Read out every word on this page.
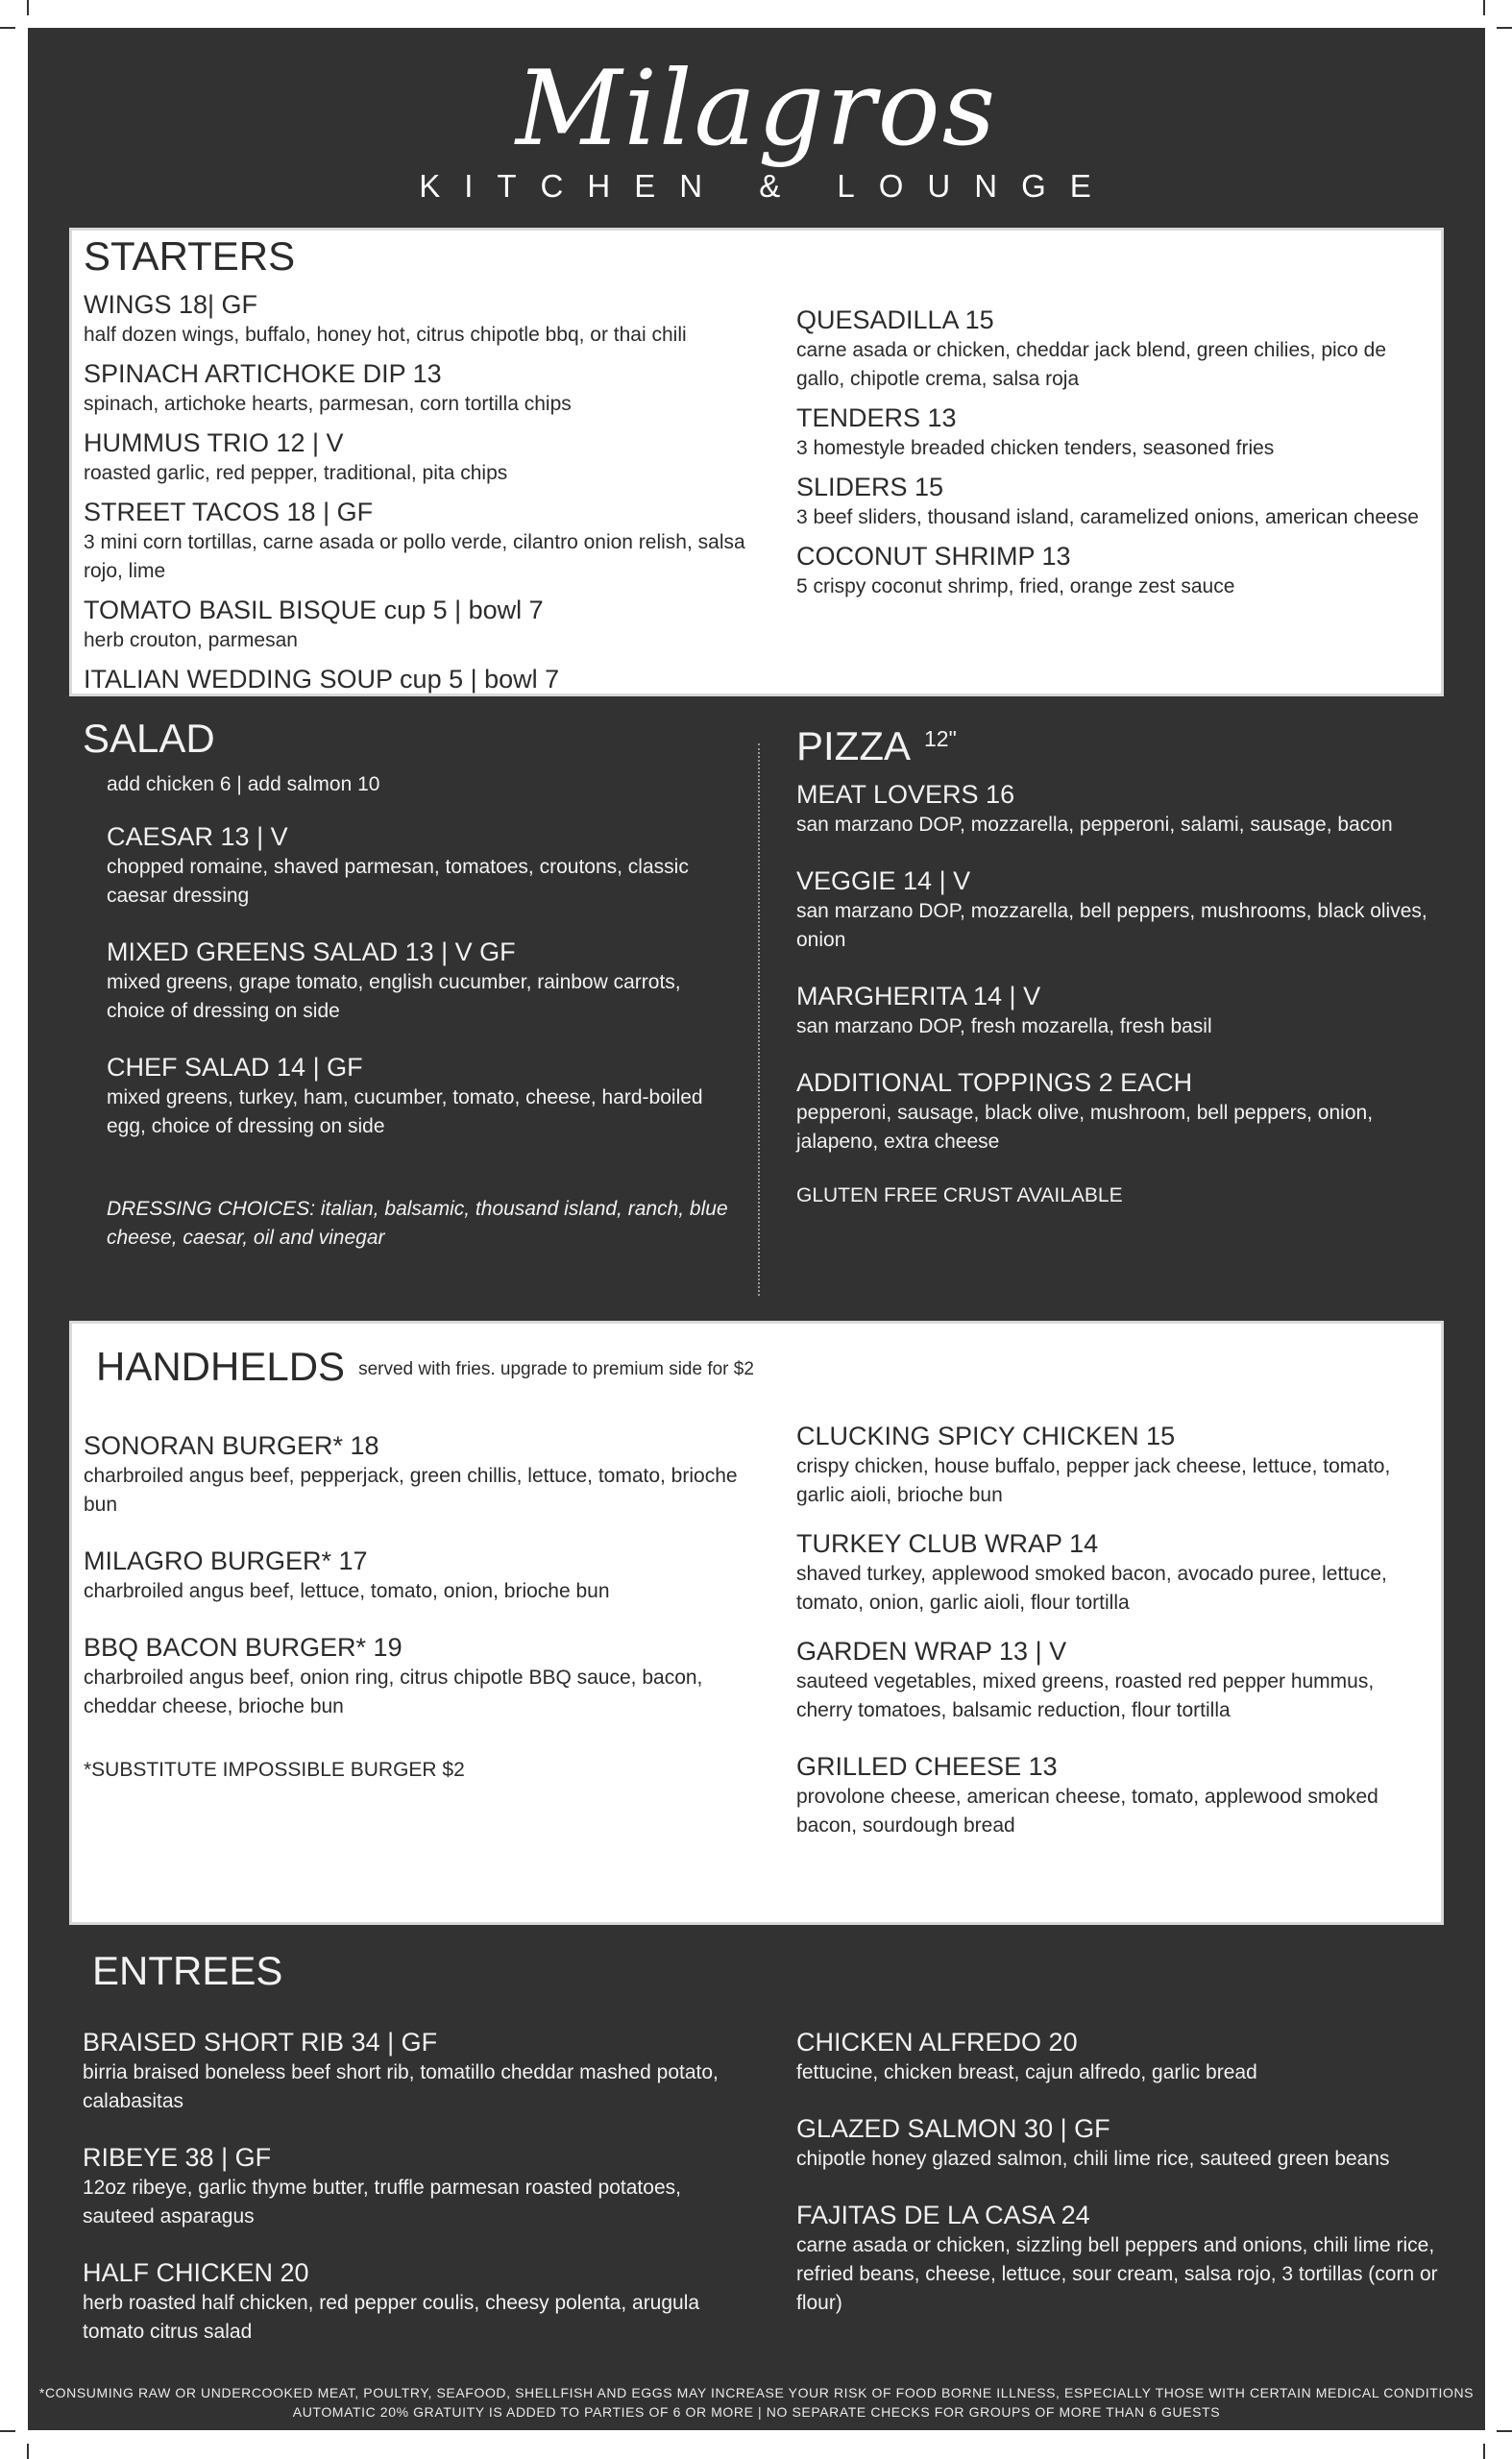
Milagros
KITCHEN & LOUNGE
STARTERS
WINGS 18| GF
half dozen wings, buffalo, honey hot, citrus chipotle bbq, or thai chili
SPINACH ARTICHOKE DIP 13
spinach, artichoke hearts, parmesan, corn tortilla chips
HUMMUS TRIO 12 | V
roasted garlic, red pepper, traditional, pita chips
STREET TACOS 18 | GF
3 mini corn tortillas, carne asada or pollo verde, cilantro onion relish, salsa rojo, lime
TOMATO BASIL BISQUE cup 5 | bowl 7
herb crouton, parmesan
ITALIAN WEDDING SOUP cup 5 | bowl 7
QUESADILLA 15
carne asada or chicken, cheddar jack blend, green chilies, pico de gallo, chipotle crema, salsa roja
TENDERS 13
3 homestyle breaded chicken tenders, seasoned fries
SLIDERS 15
3 beef sliders, thousand island, caramelized onions, american cheese
COCONUT SHRIMP 13
5 crispy coconut shrimp, fried, orange zest sauce
SALAD
add chicken 6 | add salmon 10
CAESAR 13 | V
chopped romaine, shaved parmesan, tomatoes, croutons, classic caesar dressing
MIXED GREENS SALAD 13 | V GF
mixed greens, grape tomato, english cucumber, rainbow carrots, choice of dressing on side
CHEF SALAD 14 | GF
mixed greens, turkey, ham, cucumber, tomato, cheese, hard-boiled egg, choice of dressing on side
DRESSING CHOICES: italian, balsamic, thousand island, ranch, blue cheese, caesar, oil and vinegar
PIZZA $^{12"}$
MEAT LOVERS 16
san marzano DOP, mozzarella, pepperoni, salami, sausage, bacon
VEGGIE 14 | V
san marzano DOP, mozzarella, bell peppers, mushrooms, black olives, onion
MARGHERITA 14 | V
san marzano DOP, fresh mozarella, fresh basil
ADDITIONAL TOPPINGS 2 EACH
pepperoni, sausage, black olive, mushroom, bell peppers, onion, jalapeno, extra cheese
GLUTEN FREE CRUST AVAILABLE
HANDHELDS served with fries. upgrade to premium side for $2
SONORAN BURGER* 18
charbroiled angus beef, pepperjack, green chillis, lettuce, tomato, brioche bun
MILAGRO BURGER* 17
charbroiled angus beef, lettuce, tomato, onion, brioche bun
BBQ BACON BURGER* 19
charbroiled angus beef, onion ring, citrus chipotle BBQ sauce, bacon, cheddar cheese, brioche bun
*SUBSTITUTE IMPOSSIBLE BURGER $2
CLUCKING SPICY CHICKEN 15
crispy chicken, house buffalo, pepper jack cheese, lettuce, tomato, garlic aioli, brioche bun
TURKEY CLUB WRAP 14
shaved turkey, applewood smoked bacon, avocado puree, lettuce, tomato, onion, garlic aioli, flour tortilla
GARDEN WRAP 13 | V
sauteed vegetables, mixed greens, roasted red pepper hummus, cherry tomatoes, balsamic reduction, flour tortilla
GRILLED CHEESE 13
provolone cheese, american cheese, tomato, applewood smoked bacon, sourdough bread
ENTREES
BRAISED SHORT RIB 34 | GF
birria braised boneless beef short rib, tomatillo cheddar mashed potato, calabasitas
RIBEYE 38 | GF
12oz ribeye, garlic thyme butter, truffle parmesan roasted potatoes, sauteed asparagus
HALF CHICKEN 20
herb roasted half chicken, red pepper coulis, cheesy polenta, arugula tomato citrus salad
CHICKEN ALFREDO 20
fettucine, chicken breast, cajun alfredo, garlic bread
GLAZED SALMON 30 | GF
chipotle honey glazed salmon, chili lime rice, sauteed green beans
FAJITAS DE LA CASA 24
carne asada or chicken, sizzling bell peppers and onions, chili lime rice, refried beans, cheese, lettuce, sour cream, salsa rojo, 3 tortillas (corn or flour)
*CONSUMING RAW OR UNDERCOOKED MEAT, POULTRY, SEAFOOD, SHELLFISH AND EGGS MAY INCREASE YOUR RISK OF FOOD BORNE ILLNESS, ESPECIALLY THOSE WITH CERTAIN MEDICAL CONDITIONS
AUTOMATIC 20% GRATUITY IS ADDED TO PARTIES OF 6 OR MORE | NO SEPARATE CHECKS FOR GROUPS OF MORE THAN 6 GUESTS
